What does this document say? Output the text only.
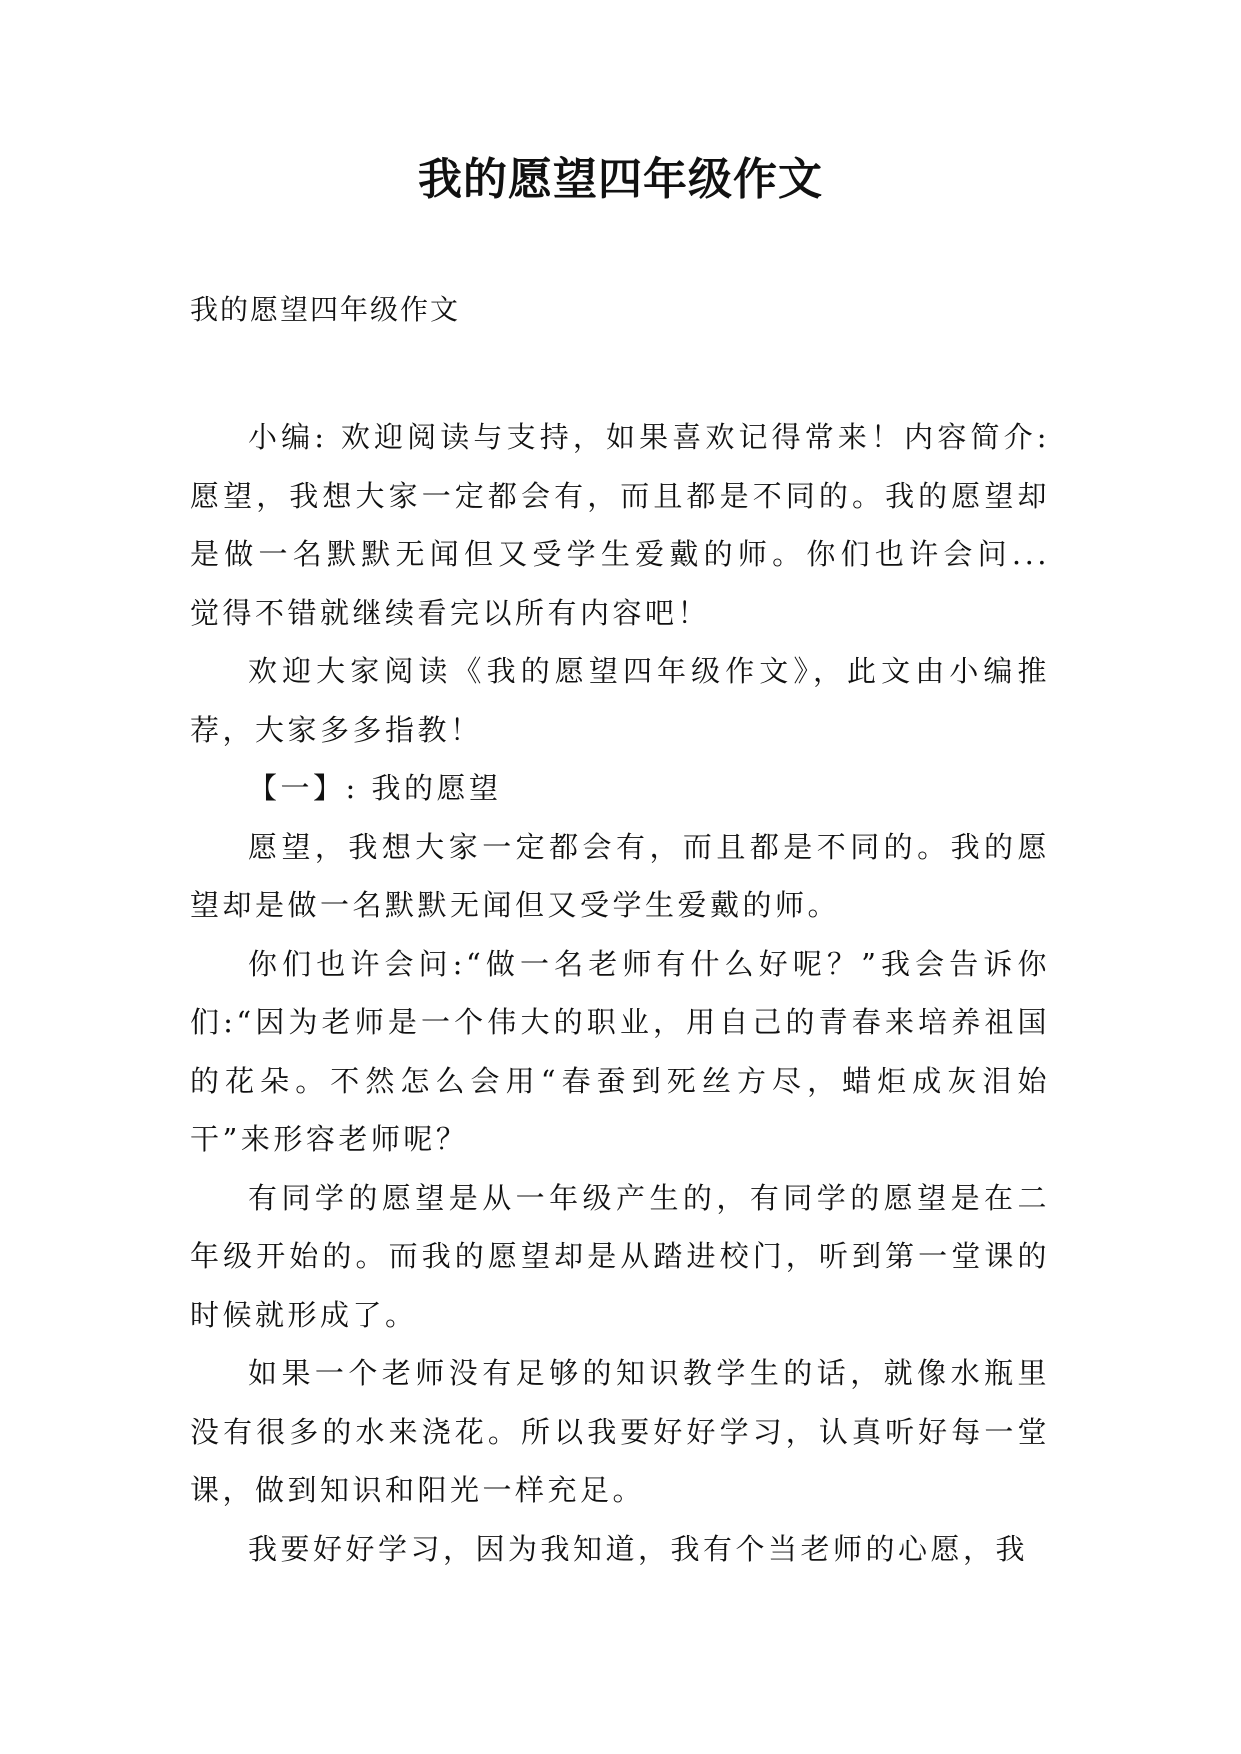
我的愿望四年级作文
我的愿望四年级作文

小编: 欢迎阅读与支持，如果喜欢记得常来！内容简介: 愿望，我想大家一定都会有，而且都是不同的。我的愿望却是做一名默默无闻但又受学生爱戴的师。你们也许会问... 觉得不错就继续看完以所有内容吧！

欢迎大家阅读《我的愿望四年级作文》，此文由小编推荐，大家多多指教！

【一】: 我的愿望

愿望，我想大家一定都会有，而且都是不同的。我的愿望却是做一名默默无闻但又受学生爱戴的师。

你们也许会问:“做一名老师有什么好呢？”我会告诉你们:“因为老师是一个伟大的职业，用自己的青春来培养祖国的花朵。不然怎么会用“春蚕到死丝方尽，蜡炬成灰泪始干”来形容老师呢？

有同学的愿望是从一年级产生的，有同学的愿望是在二年级开始的。而我的愿望却是从踏进校门，听到第一堂课的时候就形成了。

如果一个老师没有足够的知识教学生的话，就像水瓶里没有很多的水来浇花。所以我要好好学习，认真听好每一堂课，做到知识和阳光一样充足。

我要好好学习，因为我知道，我有个当老师的心愿，我
